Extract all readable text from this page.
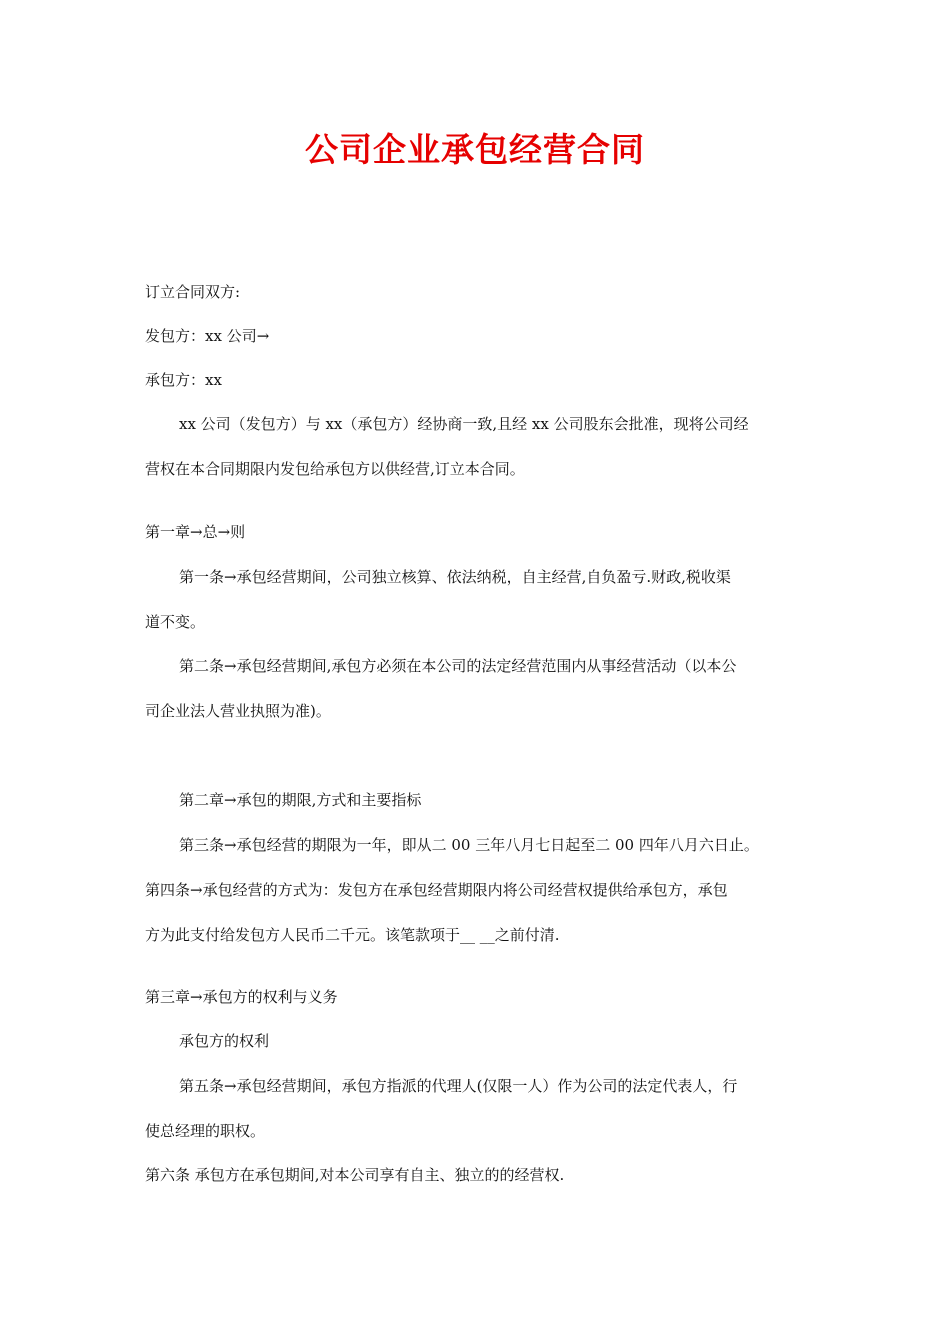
公司企业承包经营合同
订立合同双方:
发包方：xx 公司→
承包方：xx
xx 公司（发包方）与 xx（承包方）经协商一致,且经 xx 公司股东会批准，现将公司经
营权在本合同期限内发包给承包方以供经营,订立本合同。
第一章→总→则
第一条→承包经营期间，公司独立核算、依法纳税，自主经营,自负盈亏.财政,税收渠
道不变。
第二条→承包经营期间,承包方必须在本公司的法定经营范围内从事经营活动（以本公
司企业法人营业执照为准)。
第二章→承包的期限,方式和主要指标
第三条→承包经营的期限为一年，即从二 00 三年八月七日起至二 00 四年八月六日止。
第四条→承包经营的方式为：发包方在承包经营期限内将公司经营权提供给承包方，承包
方为此支付给发包方人民币二千元。该笔款项于__ __之前付清.
第三章→承包方的权利与义务
承包方的权利
第五条→承包经营期间，承包方指派的代理人(仅限一人）作为公司的法定代表人，行
使总经理的职权。
第六条 承包方在承包期间,对本公司享有自主、独立的的经营权.
